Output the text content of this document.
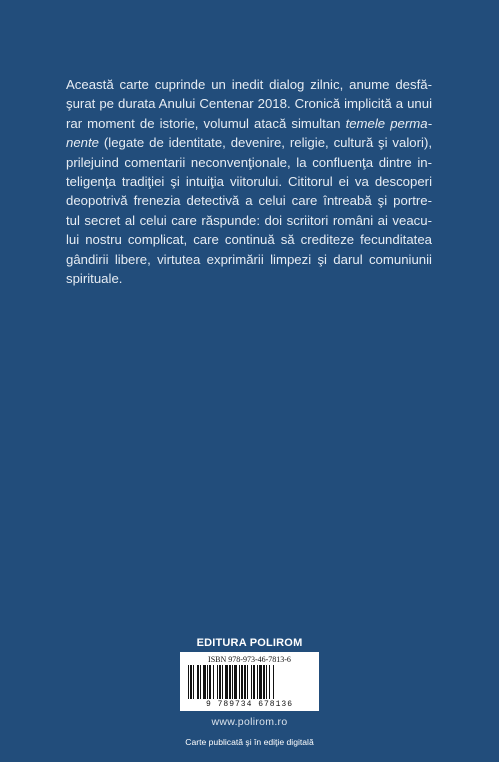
Această carte cuprinde un inedit dialog zilnic, anume desfă-
şurat pe durata Anului Centenar 2018. Cronică implicită a unui
rar moment de istorie, volumul atacă simultan temele perma-
nente (legate de identitate, devenire, religie, cultură şi valori),
prilejuind comentarii neconvenţionale, la confluenţa dintre in-
teligenţa tradiţiei şi intuiţia viitorului. Cititorul ei va descoperi
deopotrivă frenezia detectivă a celui care întreabă şi portre-
tul secret al celui care răspunde: doi scriitori români ai veacu-
lui nostru complicat, care continuă să crediteze fecunditatea
gândirii libere, virtutea exprimării limpezi şi darul comuniunii
spirituale.
EDITURA POLIROM
ISBN 978-973-46-7813-6
9 789734 678136
www.polirom.ro
Carte publicată şi în ediţie digitală
